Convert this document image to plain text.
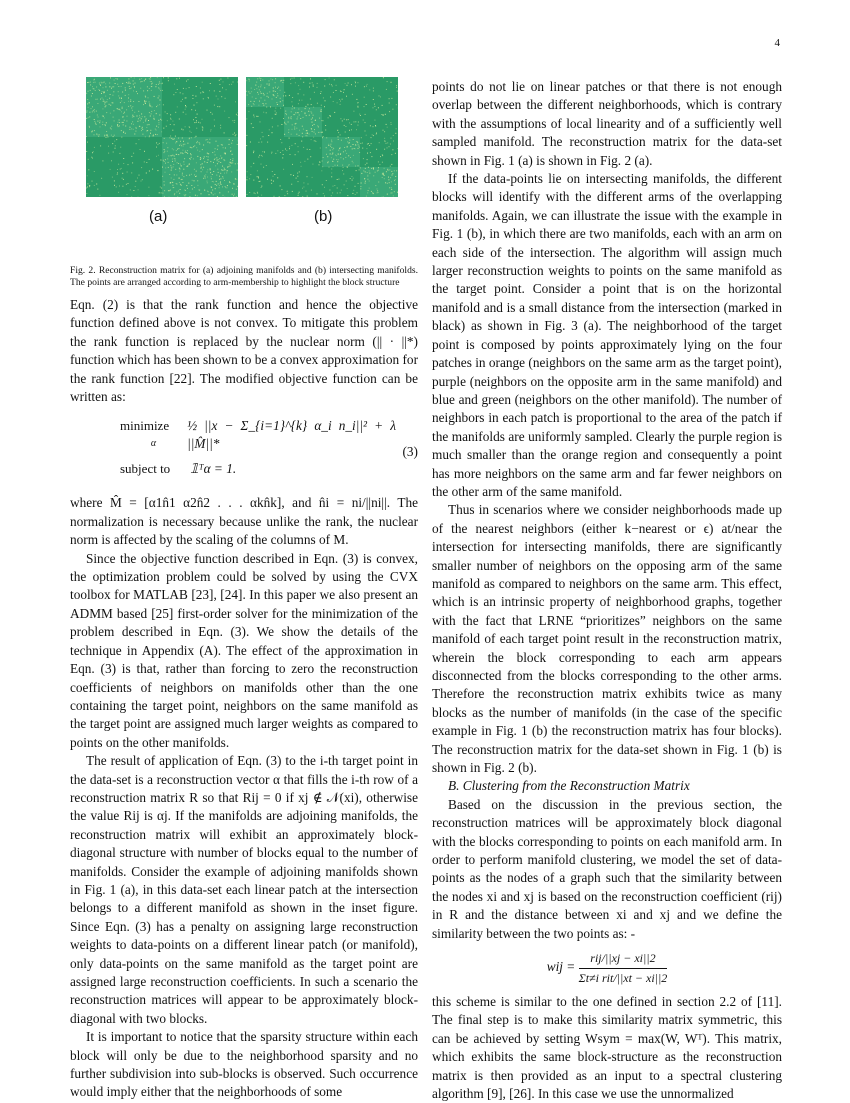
4
(a)	(b)
Fig. 2. Reconstruction matrix for (a) adjoining manifolds and (b) intersecting manifolds. The points are arranged according to arm-membership to highlight the block structure

Eqn. (2) is that the rank function and hence the objective function defined above is not convex. To mitigate this problem the rank function is replaced by the nuclear norm (|| · ||*) function which has been shown to be a convex approximation for the rank function [22]. The modified objective function can be written as:

minimize
α
½ ||x − Σ_{i=1}^{k} α_i n_i||² + λ ||M̂||*
subject to	𝟙ᵀα = 1.
(3)

where M̂ = [α1n̂1 α2n̂2 . . . αkn̂k], and n̂i = ni/||ni||. The normalization is necessary because unlike the rank, the nuclear norm is affected by the scaling of the columns of M.

Since the objective function described in Eqn. (3) is convex, the optimization problem could be solved by using the CVX toolbox for MATLAB [23], [24]. In this paper we also present an ADMM based [25] first-order solver for the minimization of the problem described in Eqn. (3). We show the details of the technique in Appendix (A). The effect of the approximation in Eqn. (3) is that, rather than forcing to zero the reconstruction coefficients of neighbors on manifolds other than the one containing the target point, neighbors on the same manifold as the target point are assigned much larger weights as compared to points on the other manifolds.

The result of application of Eqn. (3) to the i-th target point in the data-set is a reconstruction vector α that fills the i-th row of a reconstruction matrix R so that Rij = 0 if xj ∉ 𝒩(xi), otherwise the value Rij is αj. If the manifolds are adjoining manifolds, the reconstruction matrix will exhibit an approximately block-diagonal structure with number of blocks equal to the number of manifolds. Consider the example of adjoining manifolds shown in Fig. 1 (a), in this data-set each linear patch at the intersection belongs to a different manifold as shown in the inset figure. Since Eqn. (3) has a penalty on assigning large reconstruction weights to data-points on a different linear patch (or manifold), only data-points on the same manifold as the target point are assigned large reconstruction coefficients. In such a scenario the reconstruction matrices will appear to be approximately block-diagonal with two blocks.

It is important to notice that the sparsity structure within each block will only be due to the neighborhood sparsity and no further subdivision into sub-blocks is observed. Such occurrence would imply either that the neighborhoods of some

points do not lie on linear patches or that there is not enough overlap between the different neighborhoods, which is contrary with the assumptions of local linearity and of a sufficiently well sampled manifold. The reconstruction matrix for the data-set shown in Fig. 1 (a) is shown in Fig. 2 (a).

If the data-points lie on intersecting manifolds, the different blocks will identify with the different arms of the overlapping manifolds. Again, we can illustrate the issue with the example in Fig. 1 (b), in which there are two manifolds, each with an arm on each side of the intersection. The algorithm will assign much larger reconstruction weights to points on the same manifold as the target point. Consider a point that is on the horizontal manifold and is a small distance from the intersection (marked in black) as shown in Fig. 3 (a). The neighborhood of the target point is composed by points approximately lying on the four patches in orange (neighbors on the same arm as the target point), purple (neighbors on the opposite arm in the same manifold) and blue and green (neighbors on the other manifold). The number of neighbors in each patch is proportional to the area of the patch if the manifolds are uniformly sampled. Clearly the purple region is much smaller than the orange region and consequently a point has more neighbors on the same arm and far fewer neighbors on the other arm of the same manifold.

Thus in scenarios where we consider neighborhoods made up of the nearest neighbors (either k−nearest or ϵ) at/near the intersection for intersecting manifolds, there are significantly smaller number of neighbors on the opposing arm of the same manifold as compared to neighbors on the same arm. This effect, which is an intrinsic property of neighborhood graphs, together with the fact that LRNE “prioritizes” neighbors on the same manifold of each target point result in the reconstruction matrix, wherein the block corresponding to each arm appears disconnected from the blocks corresponding to the other arms. Therefore the reconstruction matrix exhibits twice as many blocks as the number of manifolds (in the case of the specific example in Fig. 1 (b) the reconstruction matrix has four blocks). The reconstruction matrix for the data-set shown in Fig. 1 (b) is shown in Fig. 2 (b).

B. Clustering from the Reconstruction Matrix

Based on the discussion in the previous section, the reconstruction matrices will be approximately block diagonal with the blocks corresponding to points on each manifold arm. In order to perform manifold clustering, we model the set of data-points as the nodes of a graph such that the similarity between the nodes xi and xj is based on the reconstruction coefficient (rij) in R and the distance between xi and xj and we define the similarity between the two points as: -

wij = $\frac{\text{rij/||xj − xi||2}}{\text{Σt≠i rit/||xt − xi||2}}$

this scheme is similar to the one defined in section 2.2 of [11]. The final step is to make this similarity matrix symmetric, this can be achieved by setting Wsym = max(W, Wᵀ). This matrix, which exhibits the same block-structure as the reconstruction matrix is then provided as an input to a spectral clustering algorithm [9], [26]. In this case we use the unnormalized
